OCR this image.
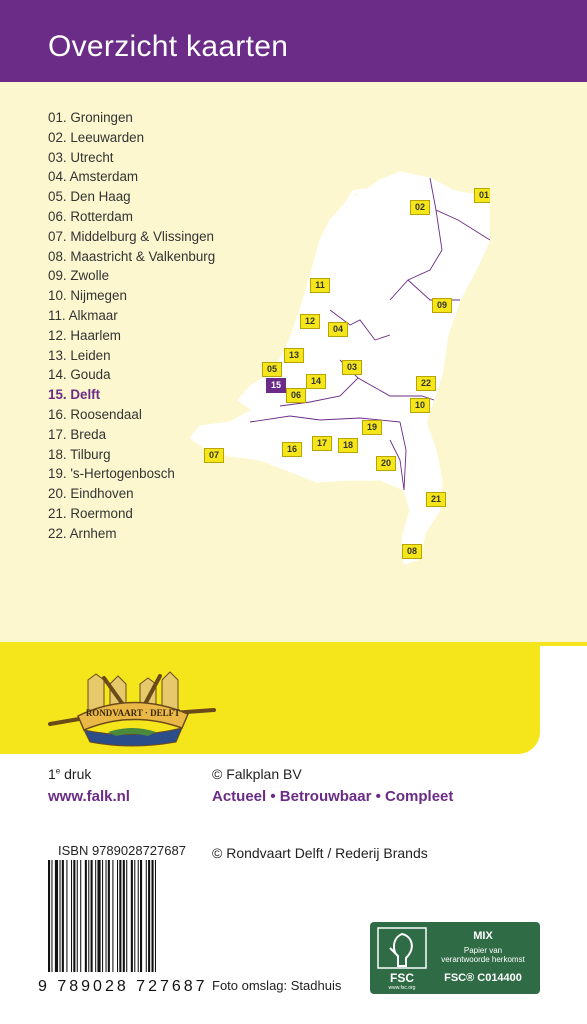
Overzicht kaarten
01. Groningen
02. Leeuwarden
03. Utrecht
04. Amsterdam
05. Den Haag
06. Rotterdam
07. Middelburg & Vlissingen
08. Maastricht & Valkenburg
09. Zwolle
10. Nijmegen
11. Alkmaar
12. Haarlem
13. Leiden
14. Gouda
15. Delft
16. Roosendaal
17. Breda
18. Tilburg
19. 's-Hertogenbosch
20. Eindhoven
21. Roermond
22. Arnhem
01
02
03
04
05
06
07
08
09
10
11
12
13
14
15
16
17	18
19
20
21
22
RONDVAART · DELFT
1e druk
www.falk.nl
© Falkplan BV
Actueel • Betrouwbaar • Compleet
ISBN 9789028727687 © Rondvaart Delft / Rederij Brands
9 789028 727687 Foto omslag: Stadhuis	FSC
www.fsc.org
MIX
Papier van
verantwoorde herkomst
FSC® C014400
